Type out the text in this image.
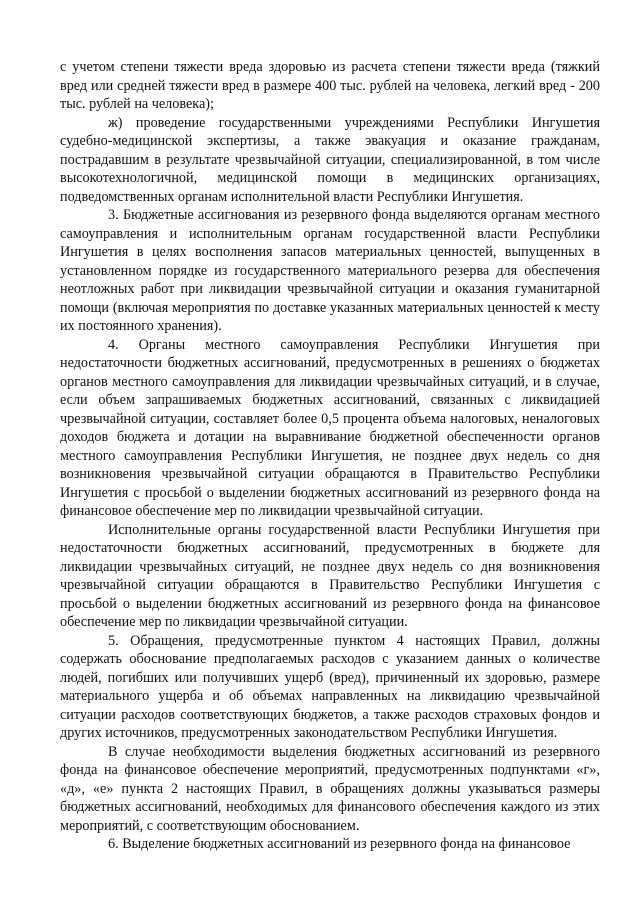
с учетом степени тяжести вреда здоровью из расчета степени тяжести вреда (тяжкий вред или средней тяжести вред в размере 400 тыс. рублей на человека, легкий вред - 200 тыс. рублей на человека);

ж) проведение государственными учреждениями Республики Ингушетия судебно-медицинской экспертизы, а также эвакуация и оказание гражданам, пострадавшим в результате чрезвычайной ситуации, специализированной, в том числе высокотехнологичной, медицинской помощи в медицинских организациях, подведомственных органам исполнительной власти Республики Ингушетия.

3. Бюджетные ассигнования из резервного фонда выделяются органам местного самоуправления и исполнительным органам государственной власти Республики Ингушетия в целях восполнения запасов материальных ценностей, выпущенных в установленном порядке из государственного материального резерва для обеспечения неотложных работ при ликвидации чрезвычайной ситуации и оказания гуманитарной помощи (включая мероприятия по доставке указанных материальных ценностей к месту их постоянного хранения).

4. Органы местного самоуправления Республики Ингушетия при недостаточности бюджетных ассигнований, предусмотренных в решениях о бюджетах органов местного самоуправления для ликвидации чрезвычайных ситуаций, и в случае, если объем запрашиваемых бюджетных ассигнований, связанных с ликвидацией чрезвычайной ситуации, составляет более 0,5 процента объема налоговых, неналоговых доходов бюджета и дотации на выравнивание бюджетной обеспеченности органов местного самоуправления Республики Ингушетия, не позднее двух недель со дня возникновения чрезвычайной ситуации обращаются в Правительство Республики Ингушетия с просьбой о выделении бюджетных ассигнований из резервного фонда на финансовое обеспечение мер по ликвидации чрезвычайной ситуации.

Исполнительные органы государственной власти Республики Ингушетия при недостаточности бюджетных ассигнований, предусмотренных в бюджете для ликвидации чрезвычайных ситуаций, не позднее двух недель со дня возникновения чрезвычайной ситуации обращаются в Правительство Республики Ингушетия с просьбой о выделении бюджетных ассигнований из резервного фонда на финансовое обеспечение мер по ликвидации чрезвычайной ситуации.

5. Обращения, предусмотренные пунктом 4 настоящих Правил, должны содержать обоснование предполагаемых расходов с указанием данных о количестве людей, погибших или получивших ущерб (вред), причиненный их здоровью, размере материального ущерба и об объемах направленных на ликвидацию чрезвычайной ситуации расходов соответствующих бюджетов, а также расходов страховых фондов и других источников, предусмотренных законодательством Республики Ингушетия.

В случае необходимости выделения бюджетных ассигнований из резервного фонда на финансовое обеспечение мероприятий, предусмотренных подпунктами «г», «д», «е» пункта 2 настоящих Правил, в обращениях должны указываться размеры бюджетных ассигнований, необходимых для финансового обеспечения каждого из этих мероприятий, с соответствующим обоснованием.

6. Выделение бюджетных ассигнований из резервного фонда на финансовое
